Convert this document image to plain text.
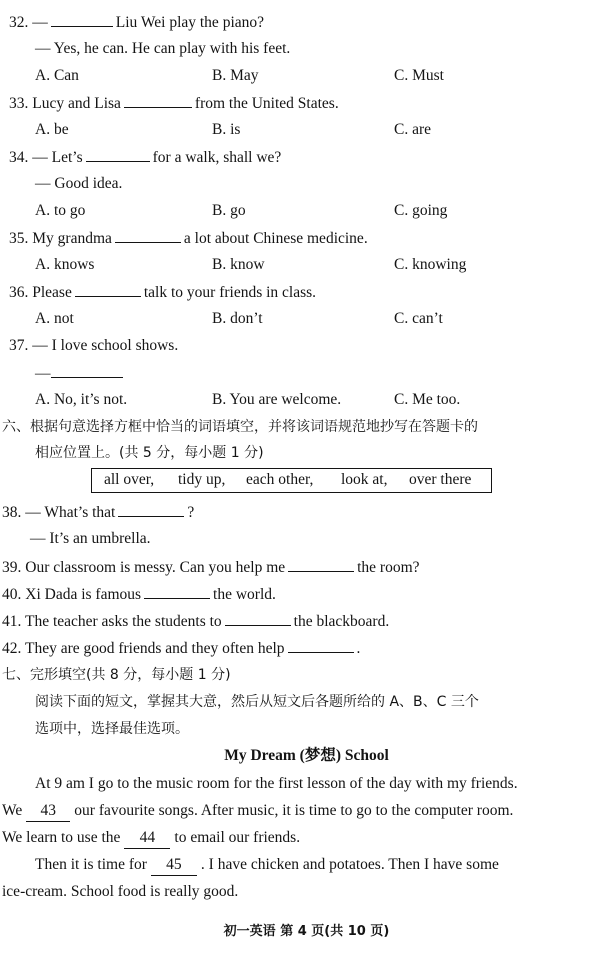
32. —	Liu Wei play the piano?
— Yes, he can. He can play with his feet.
A. Can	B. May	C. Must
33. Lucy and Lisa	from the United States.
A. be	B. is	C. are
34. — Let’s	for a walk, shall we?
— Good idea.
A. to go	B. go	C. going
35. My grandma	a lot about Chinese medicine.
A. knows	B. know	C. knowing
36. Please	talk to your friends in class.
A. not	B. don’t	C. can’t
37. — I love school shows.
—
A. No, it’s not.	B. You are welcome.	C. Me too.
六、根据句意选择方框中恰当的词语填空，并将该词语规范地抄写在答题卡的
相应位置上。(共 5 分，每小题 1 分)
all over, tidy up, each other, look at, over there
38. — What’s that	?
— It’s an umbrella.
39. Our classroom is messy. Can you help me	the room?
40. Xi Dada is famous	the world.
41. The teacher asks the students to	the blackboard.
42. They are good friends and they often help	.
七、完形填空(共 8 分，每小题 1 分)
阅读下面的短文，掌握其大意，然后从短文后各题所给的 A、B、C 三个
选项中，选择最佳选项。
My Dream (梦想) School
At 9 am I go to the music room for the first lesson of the day with my friends.
We 43 our favourite songs. After music, it is time to go to the computer room.
We learn to use the 44 to email our friends.
Then it is time for 45 . I have chicken and potatoes. Then I have some
ice-cream. School food is really good.
初一英语 第 4 页(共 10 页)
